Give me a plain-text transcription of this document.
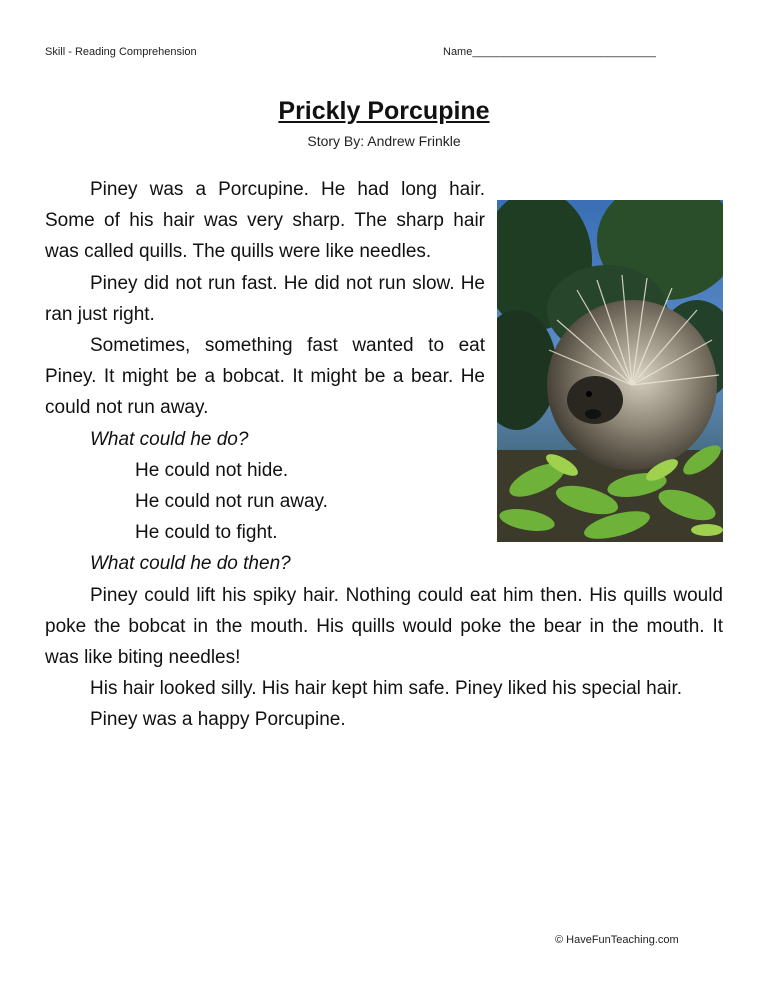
Skill - Reading Comprehension	Name______________________________
Prickly Porcupine
Story By: Andrew Frinkle

Piney was a Porcupine. He had long hair. Some of his hair was very sharp. The sharp hair was called quills. The quills were like needles.

Piney did not run fast. He did not run slow. He ran just right.

Sometimes, something fast wanted to eat Piney. It might be a bobcat. It might be a bear. He could not run away.

What could he do?

He could not hide.

He could not run away.

He could to fight.

What could he do then?

Piney could lift his spiky hair. Nothing could eat him then. His quills would poke the bobcat in the mouth. His quills would poke the bear in the mouth. It was like biting needles!

His hair looked silly. His hair kept him safe. Piney liked his special hair.

Piney was a happy Porcupine.

© HaveFunTeaching.com
